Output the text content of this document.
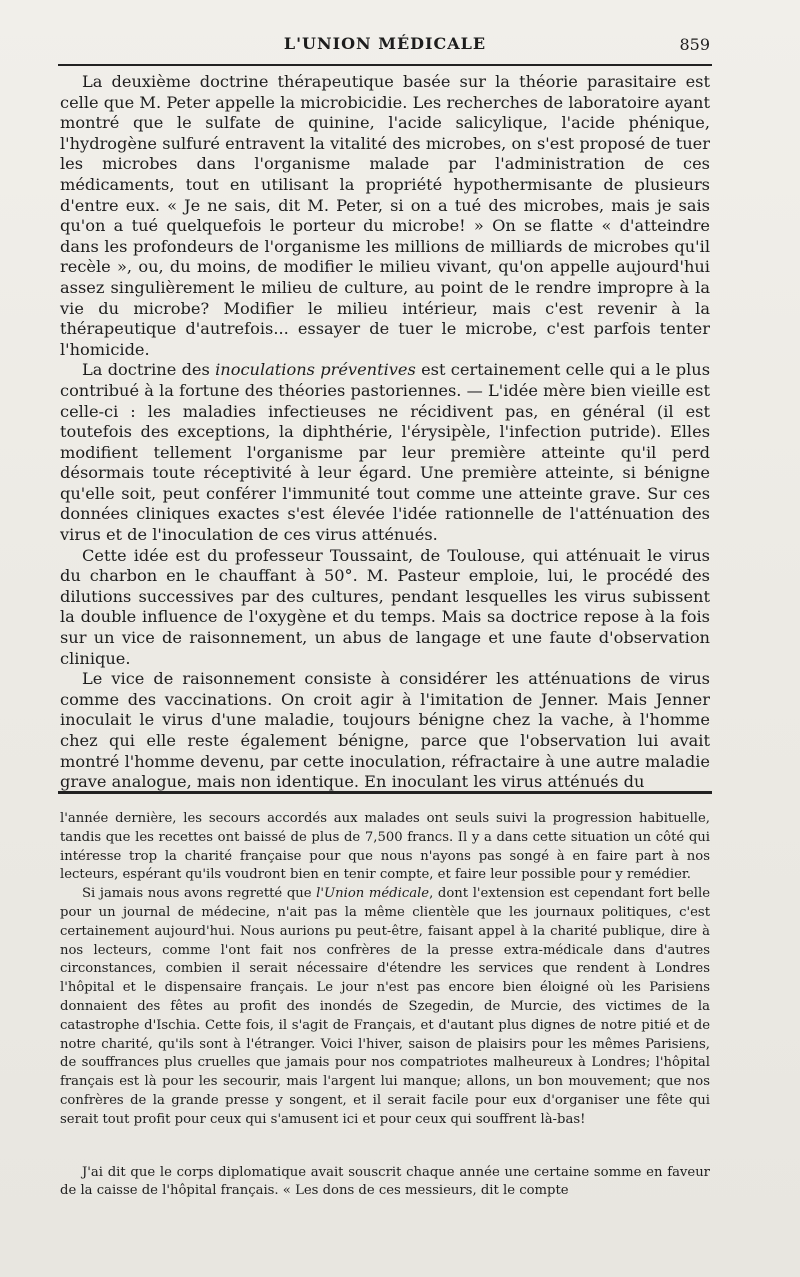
L'UNION MÉDICALE	859

La deuxième doctrine thérapeutique basée sur la théorie parasitaire est celle que M. Peter appelle la microbicidie. Les recherches de laboratoire ayant montré que le sulfate de quinine, l'acide salicylique, l'acide phénique, l'hydrogène sulfuré entravent la vitalité des microbes, on s'est proposé de tuer les microbes dans l'organisme malade par l'administration de ces médicaments, tout en utilisant la propriété hypothermisante de plusieurs d'entre eux. « Je ne sais, dit M. Peter, si on a tué des microbes, mais je sais qu'on a tué quelquefois le porteur du microbe! » On se flatte « d'atteindre dans les profondeurs de l'organisme les millions de milliards de microbes qu'il recèle », ou, du moins, de modifier le milieu vivant, qu'on appelle aujourd'hui assez singulièrement le milieu de culture, au point de le rendre impropre à la vie du microbe? Modifier le milieu intérieur, mais c'est revenir à la thérapeutique d'autrefois... essayer de tuer le microbe, c'est parfois tenter l'homicide.

La doctrine des inoculations préventives est certainement celle qui a le plus contribué à la fortune des théories pastoriennes. — L'idée mère bien vieille est celle-ci : les maladies infectieuses ne récidivent pas, en général (il est toutefois des exceptions, la diphthérie, l'érysipèle, l'infection putride). Elles modifient tellement l'organisme par leur première atteinte qu'il perd désormais toute réceptivité à leur égard. Une première atteinte, si bénigne qu'elle soit, peut conférer l'immunité tout comme une atteinte grave. Sur ces données cliniques exactes s'est élevée l'idée rationnelle de l'atténuation des virus et de l'inoculation de ces virus atténués.

Cette idée est du professeur Toussaint, de Toulouse, qui atténuait le virus du charbon en le chauffant à 50°. M. Pasteur emploie, lui, le procédé des dilutions successives par des cultures, pendant lesquelles les virus subissent la double influence de l'oxygène et du temps. Mais sa doctrice repose à la fois sur un vice de raisonnement, un abus de langage et une faute d'observation clinique.

Le vice de raisonnement consiste à considérer les atténuations de virus comme des vaccinations. On croit agir à l'imitation de Jenner. Mais Jenner inoculait le virus d'une maladie, toujours bénigne chez la vache, à l'homme chez qui elle reste également bénigne, parce que l'observation lui avait montré l'homme devenu, par cette inoculation, réfractaire à une autre maladie grave analogue, mais non identique. En inoculant les virus atténués du

l'année dernière, les secours accordés aux malades ont seuls suivi la progression habituelle, tandis que les recettes ont baissé de plus de 7,500 francs. Il y a dans cette situation un côté qui intéresse trop la charité française pour que nous n'ayons pas songé à en faire part à nos lecteurs, espérant qu'ils voudront bien en tenir compte, et faire leur possible pour y remédier.

Si jamais nous avons regretté que l'Union médicale, dont l'extension est cependant fort belle pour un journal de médecine, n'ait pas la même clientèle que les journaux politiques, c'est certainement aujourd'hui. Nous aurions pu peut-être, faisant appel à la charité publique, dire à nos lecteurs, comme l'ont fait nos confrères de la presse extra-médicale dans d'autres circonstances, combien il serait nécessaire d'étendre les services que rendent à Londres l'hôpital et le dispensaire français. Le jour n'est pas encore bien éloigné où les Parisiens donnaient des fêtes au profit des inondés de Szegedin, de Murcie, des victimes de la catastrophe d'Ischia. Cette fois, il s'agit de Français, et d'autant plus dignes de notre pitié et de notre charité, qu'ils sont à l'étranger. Voici l'hiver, saison de plaisirs pour les mêmes Parisiens, de souffrances plus cruelles que jamais pour nos compatriotes malheureux à Londres; l'hôpital français est là pour les secourir, mais l'argent lui manque; allons, un bon mouvement; que nos confrères de la grande presse y songent, et il serait facile pour eux d'organiser une fête qui serait tout profit pour ceux qui s'amusent ici et pour ceux qui souffrent là-bas!

J'ai dit que le corps diplomatique avait souscrit chaque année une certaine somme en faveur de la caisse de l'hôpital français. « Les dons de ces messieurs, dit le compte
